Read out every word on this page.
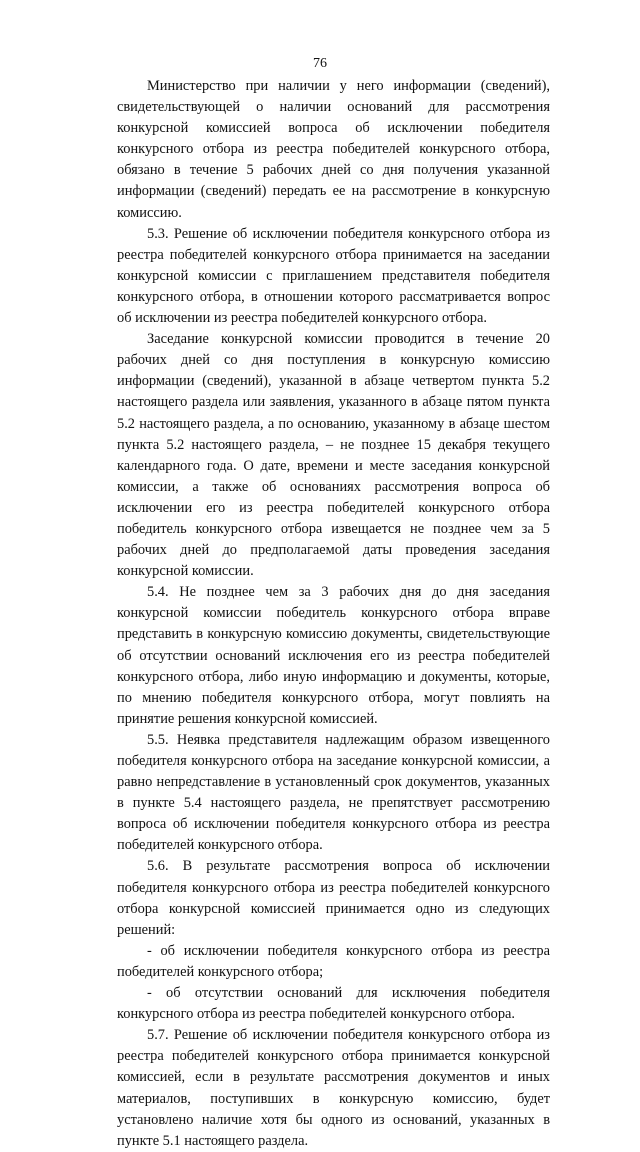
76

Министерство при наличии у него информации (сведений), свидетельствующей о наличии оснований для рассмотрения конкурсной комиссией вопроса об исключении победителя конкурсного отбора из реестра победителей конкурсного отбора, обязано в течение 5 рабочих дней со дня получения указанной информации (сведений) передать ее на рассмотрение в конкурсную комиссию.

5.3. Решение об исключении победителя конкурсного отбора из реестра победителей конкурсного отбора принимается на заседании конкурсной комиссии с приглашением представителя победителя конкурсного отбора, в отношении которого рассматривается вопрос об исключении из реестра победителей конкурсного отбора.

Заседание конкурсной комиссии проводится в течение 20 рабочих дней со дня поступления в конкурсную комиссию информации (сведений), указанной в абзаце четвертом пункта 5.2 настоящего раздела или заявления, указанного в абзаце пятом пункта 5.2 настоящего раздела, а по основанию, указанному в абзаце шестом пункта 5.2 настоящего раздела, – не позднее 15 декабря текущего календарного года. О дате, времени и месте заседания конкурсной комиссии, а также об основаниях рассмотрения вопроса об исключении его из реестра победителей конкурсного отбора победитель конкурсного отбора извещается не позднее чем за 5 рабочих дней до предполагаемой даты проведения заседания конкурсной комиссии.

5.4. Не позднее чем за 3 рабочих дня до дня заседания конкурсной комиссии победитель конкурсного отбора вправе представить в конкурсную комиссию документы, свидетельствующие об отсутствии оснований исключения его из реестра победителей конкурсного отбора, либо иную информацию и документы, которые, по мнению победителя конкурсного отбора, могут повлиять на принятие решения конкурсной комиссией.

5.5. Неявка представителя надлежащим образом извещенного победителя конкурсного отбора на заседание конкурсной комиссии, а равно непредставление в установленный срок документов, указанных в пункте 5.4 настоящего раздела, не препятствует рассмотрению вопроса об исключении победителя конкурсного отбора из реестра победителей конкурсного отбора.

5.6. В результате рассмотрения вопроса об исключении победителя конкурсного отбора из реестра победителей конкурсного отбора конкурсной комиссией принимается одно из следующих решений:

- об исключении победителя конкурсного отбора из реестра победителей конкурсного отбора;

- об отсутствии оснований для исключения победителя конкурсного отбора из реестра победителей конкурсного отбора.

5.7. Решение об исключении победителя конкурсного отбора из реестра победителей конкурсного отбора принимается конкурсной комиссией, если в результате рассмотрения документов и иных материалов, поступивших в конкурсную комиссию, будет установлено наличие хотя бы одного из оснований, указанных в пункте 5.1 настоящего раздела.
